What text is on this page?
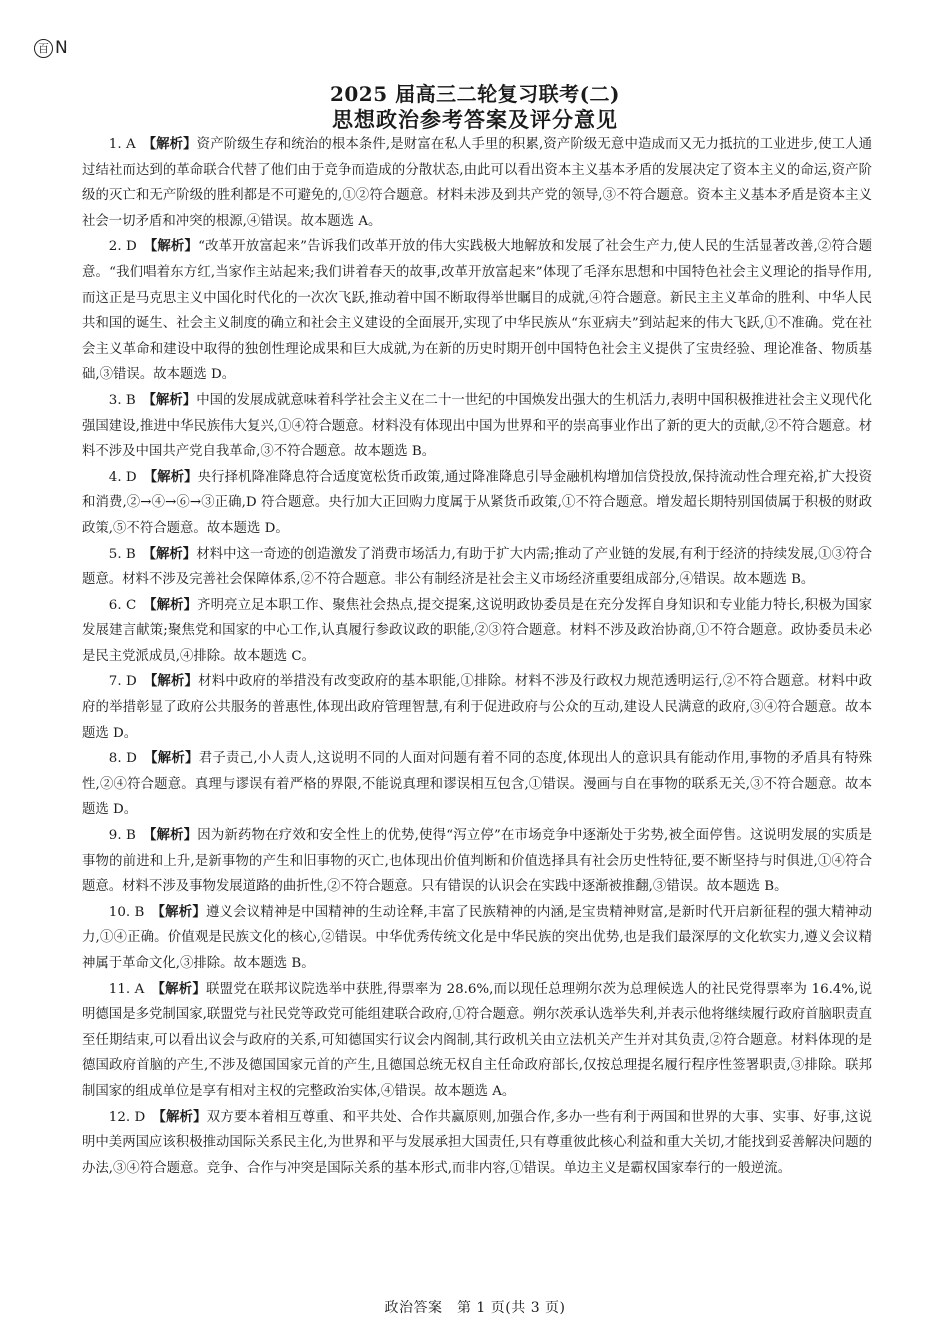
百 N
2025 届高三二轮复习联考(二)
思想政治参考答案及评分意见

1. A　 【解析】资产阶级生存和统治的根本条件,是财富在私人手里的积累,资产阶级无意中造成而又无力抵抗的工业进步,使工人通过结社而达到的革命联合代替了他们由于竞争而造成的分散状态,由此可以看出资本主义基本矛盾的发展决定了资本主义的命运,资产阶级的灭亡和无产阶级的胜利都是不可避免的,①②符合题意。材料未涉及到共产党的领导,③不符合题意。资本主义基本矛盾是资本主义社会一切矛盾和冲突的根源,④错误。故本题选 A。

2. D　 【解析】“改革开放富起来”告诉我们改革开放的伟大实践极大地解放和发展了社会生产力,使人民的生活显著改善,②符合题意。“我们唱着东方红,当家作主站起来;我们讲着春天的故事,改革开放富起来”体现了毛泽东思想和中国特色社会主义理论的指导作用,而这正是马克思主义中国化时代化的一次次飞跃,推动着中国不断取得举世瞩目的成就,④符合题意。新民主主义革命的胜利、中华人民共和国的诞生、社会主义制度的确立和社会主义建设的全面展开,实现了中华民族从“东亚病夫”到站起来的伟大飞跃,①不准确。党在社会主义革命和建设中取得的独创性理论成果和巨大成就,为在新的历史时期开创中国特色社会主义提供了宝贵经验、理论准备、物质基础,③错误。故本题选 D。

3. B　 【解析】中国的发展成就意味着科学社会主义在二十一世纪的中国焕发出强大的生机活力,表明中国积极推进社会主义现代化强国建设,推进中华民族伟大复兴,①④符合题意。材料没有体现出中国为世界和平的崇高事业作出了新的更大的贡献,②不符合题意。材料不涉及中国共产党自我革命,③不符合题意。故本题选 B。

4. D　 【解析】央行择机降准降息符合适度宽松货币政策,通过降准降息引导金融机构增加信贷投放,保持流动性合理充裕,扩大投资和消费,②→④→⑥→③正确,D 符合题意。央行加大正回购力度属于从紧货币政策,①不符合题意。增发超长期特别国债属于积极的财政政策,⑤不符合题意。故本题选 D。

5. B　 【解析】材料中这一奇迹的创造激发了消费市场活力,有助于扩大内需;推动了产业链的发展,有利于经济的持续发展,①③符合题意。材料不涉及完善社会保障体系,②不符合题意。非公有制经济是社会主义市场经济重要组成部分,④错误。故本题选 B。

6. C　 【解析】齐明亮立足本职工作、聚焦社会热点,提交提案,这说明政协委员是在充分发挥自身知识和专业能力特长,积极为国家发展建言献策;聚焦党和国家的中心工作,认真履行参政议政的职能,②③符合题意。材料不涉及政治协商,①不符合题意。政协委员未必是民主党派成员,④排除。故本题选 C。

7. D　 【解析】材料中政府的举措没有改变政府的基本职能,①排除。材料不涉及行政权力规范透明运行,②不符合题意。材料中政府的举措彰显了政府公共服务的普惠性,体现出政府管理智慧,有利于促进政府与公众的互动,建设人民满意的政府,③④符合题意。故本题选 D。

8. D　 【解析】君子责己,小人责人,这说明不同的人面对问题有着不同的态度,体现出人的意识具有能动作用,事物的矛盾具有特殊性,②④符合题意。真理与谬误有着严格的界限,不能说真理和谬误相互包含,①错误。漫画与自在事物的联系无关,③不符合题意。故本题选 D。

9. B　 【解析】因为新药物在疗效和安全性上的优势,使得“泻立停”在市场竞争中逐渐处于劣势,被全面停售。这说明发展的实质是事物的前进和上升,是新事物的产生和旧事物的灭亡,也体现出价值判断和价值选择具有社会历史性特征,要不断坚持与时俱进,①④符合题意。材料不涉及事物发展道路的曲折性,②不符合题意。只有错误的认识会在实践中逐渐被推翻,③错误。故本题选 B。

10. B　 【解析】遵义会议精神是中国精神的生动诠释,丰富了民族精神的内涵,是宝贵精神财富,是新时代开启新征程的强大精神动力,①④正确。价值观是民族文化的核心,②错误。中华优秀传统文化是中华民族的突出优势,也是我们最深厚的文化软实力,遵义会议精神属于革命文化,③排除。故本题选 B。

11. A　 【解析】联盟党在联邦议院选举中获胜,得票率为 28.6%,而以现任总理朔尔茨为总理候选人的社民党得票率为 16.4%,说明德国是多党制国家,联盟党与社民党等政党可能组建联合政府,①符合题意。朔尔茨承认选举失利,并表示他将继续履行政府首脑职责直至任期结束,可以看出议会与政府的关系,可知德国实行议会内阁制,其行政机关由立法机关产生并对其负责,②符合题意。材料体现的是德国政府首脑的产生,不涉及德国国家元首的产生,且德国总统无权自主任命政府部长,仅按总理提名履行程序性签署职责,③排除。联邦制国家的组成单位是享有相对主权的完整政治实体,④错误。故本题选 A。

12. D　 【解析】双方要本着相互尊重、和平共处、合作共赢原则,加强合作,多办一些有利于两国和世界的大事、实事、好事,这说明中美两国应该积极推动国际关系民主化,为世界和平与发展承担大国责任,只有尊重彼此核心利益和重大关切,才能找到妥善解决问题的办法,③④符合题意。竞争、合作与冲突是国际关系的基本形式,而非内容,①错误。单边主义是霸权国家奉行的一般逆流。

政治答案　第 1 页(共 3 页)
